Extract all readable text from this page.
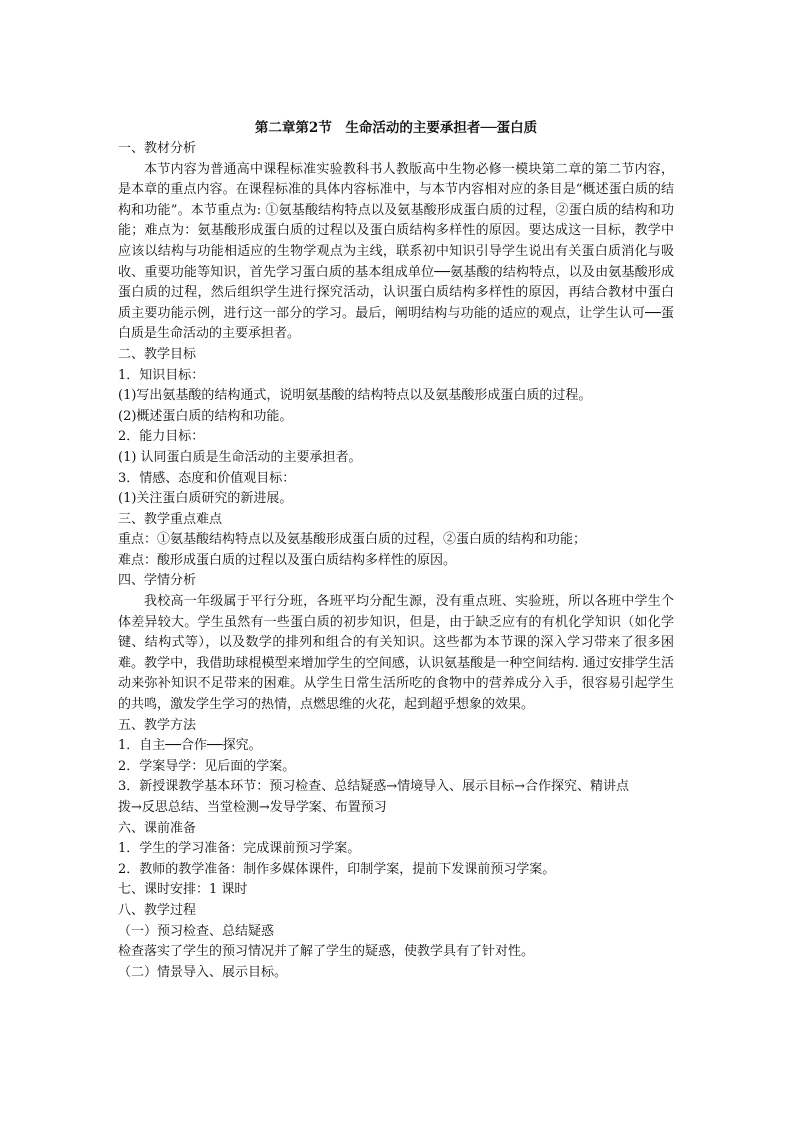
第二章第2节　生命活动的主要承担者──蛋白质

一、教材分析

本节内容为普通高中课程标准实验教科书人教版高中生物必修一模块第二章的第二节内容，是本章的重点内容。在课程标准的具体内容标准中，与本节内容相对应的条目是“概述蛋白质的结构和功能”。本节重点为: ①氨基酸结构特点以及氨基酸形成蛋白质的过程，②蛋白质的结构和功能；难点为：氨基酸形成蛋白质的过程以及蛋白质结构多样性的原因。要达成这一目标，教学中应该以结构与功能相适应的生物学观点为主线，联系初中知识引导学生说出有关蛋白质消化与吸收、重要功能等知识，首先学习蛋白质的基本组成单位──氨基酸的结构特点，以及由氨基酸形成蛋白质的过程，然后组织学生进行探究活动，认识蛋白质结构多样性的原因，再结合教材中蛋白质主要功能示例，进行这一部分的学习。最后，阐明结构与功能的适应的观点，让学生认可──蛋白质是生命活动的主要承担者。

二、教学目标

1．知识目标：

(1)写出氨基酸的结构通式，说明氨基酸的结构特点以及氨基酸形成蛋白质的过程。

(2)概述蛋白质的结构和功能。

2．能力目标：

(1) 认同蛋白质是生命活动的主要承担者。

3．情感、态度和价值观目标：

(1)关注蛋白质研究的新进展。

三、教学重点难点

重点：①氨基酸结构特点以及氨基酸形成蛋白质的过程，②蛋白质的结构和功能；

难点：酸形成蛋白质的过程以及蛋白质结构多样性的原因。

四、学情分析

我校高一年级属于平行分班，各班平均分配生源，没有重点班、实验班，所以各班中学生个体差异较大。学生虽然有一些蛋白质的初步知识，但是，由于缺乏应有的有机化学知识（如化学键、结构式等），以及数学的排列和组合的有关知识。这些都为本节课的深入学习带来了很多困难。教学中，我借助球棍模型来增加学生的空间感，认识氨基酸是一种空间结构. 通过安排学生活动来弥补知识不足带来的困难。从学生日常生活所吃的食物中的营养成分入手，很容易引起学生的共鸣，激发学生学习的热情，点燃思维的火花，起到超乎想象的效果。

五、教学方法

1．自主──合作──探究。

2．学案导学：见后面的学案。

3．新授课教学基本环节：预习检查、总结疑惑→情境导入、展示目标→合作探究、精讲点

拨→反思总结、当堂检测→发导学案、布置预习

六、课前准备

1．学生的学习准备：完成课前预习学案。

2．教师的教学准备：制作多媒体课件，印制学案，提前下发课前预习学案。

七、课时安排：1 课时

八、教学过程

（一）预习检查、总结疑惑

检查落实了学生的预习情况并了解了学生的疑惑，使教学具有了针对性。

（二）情景导入、展示目标。
